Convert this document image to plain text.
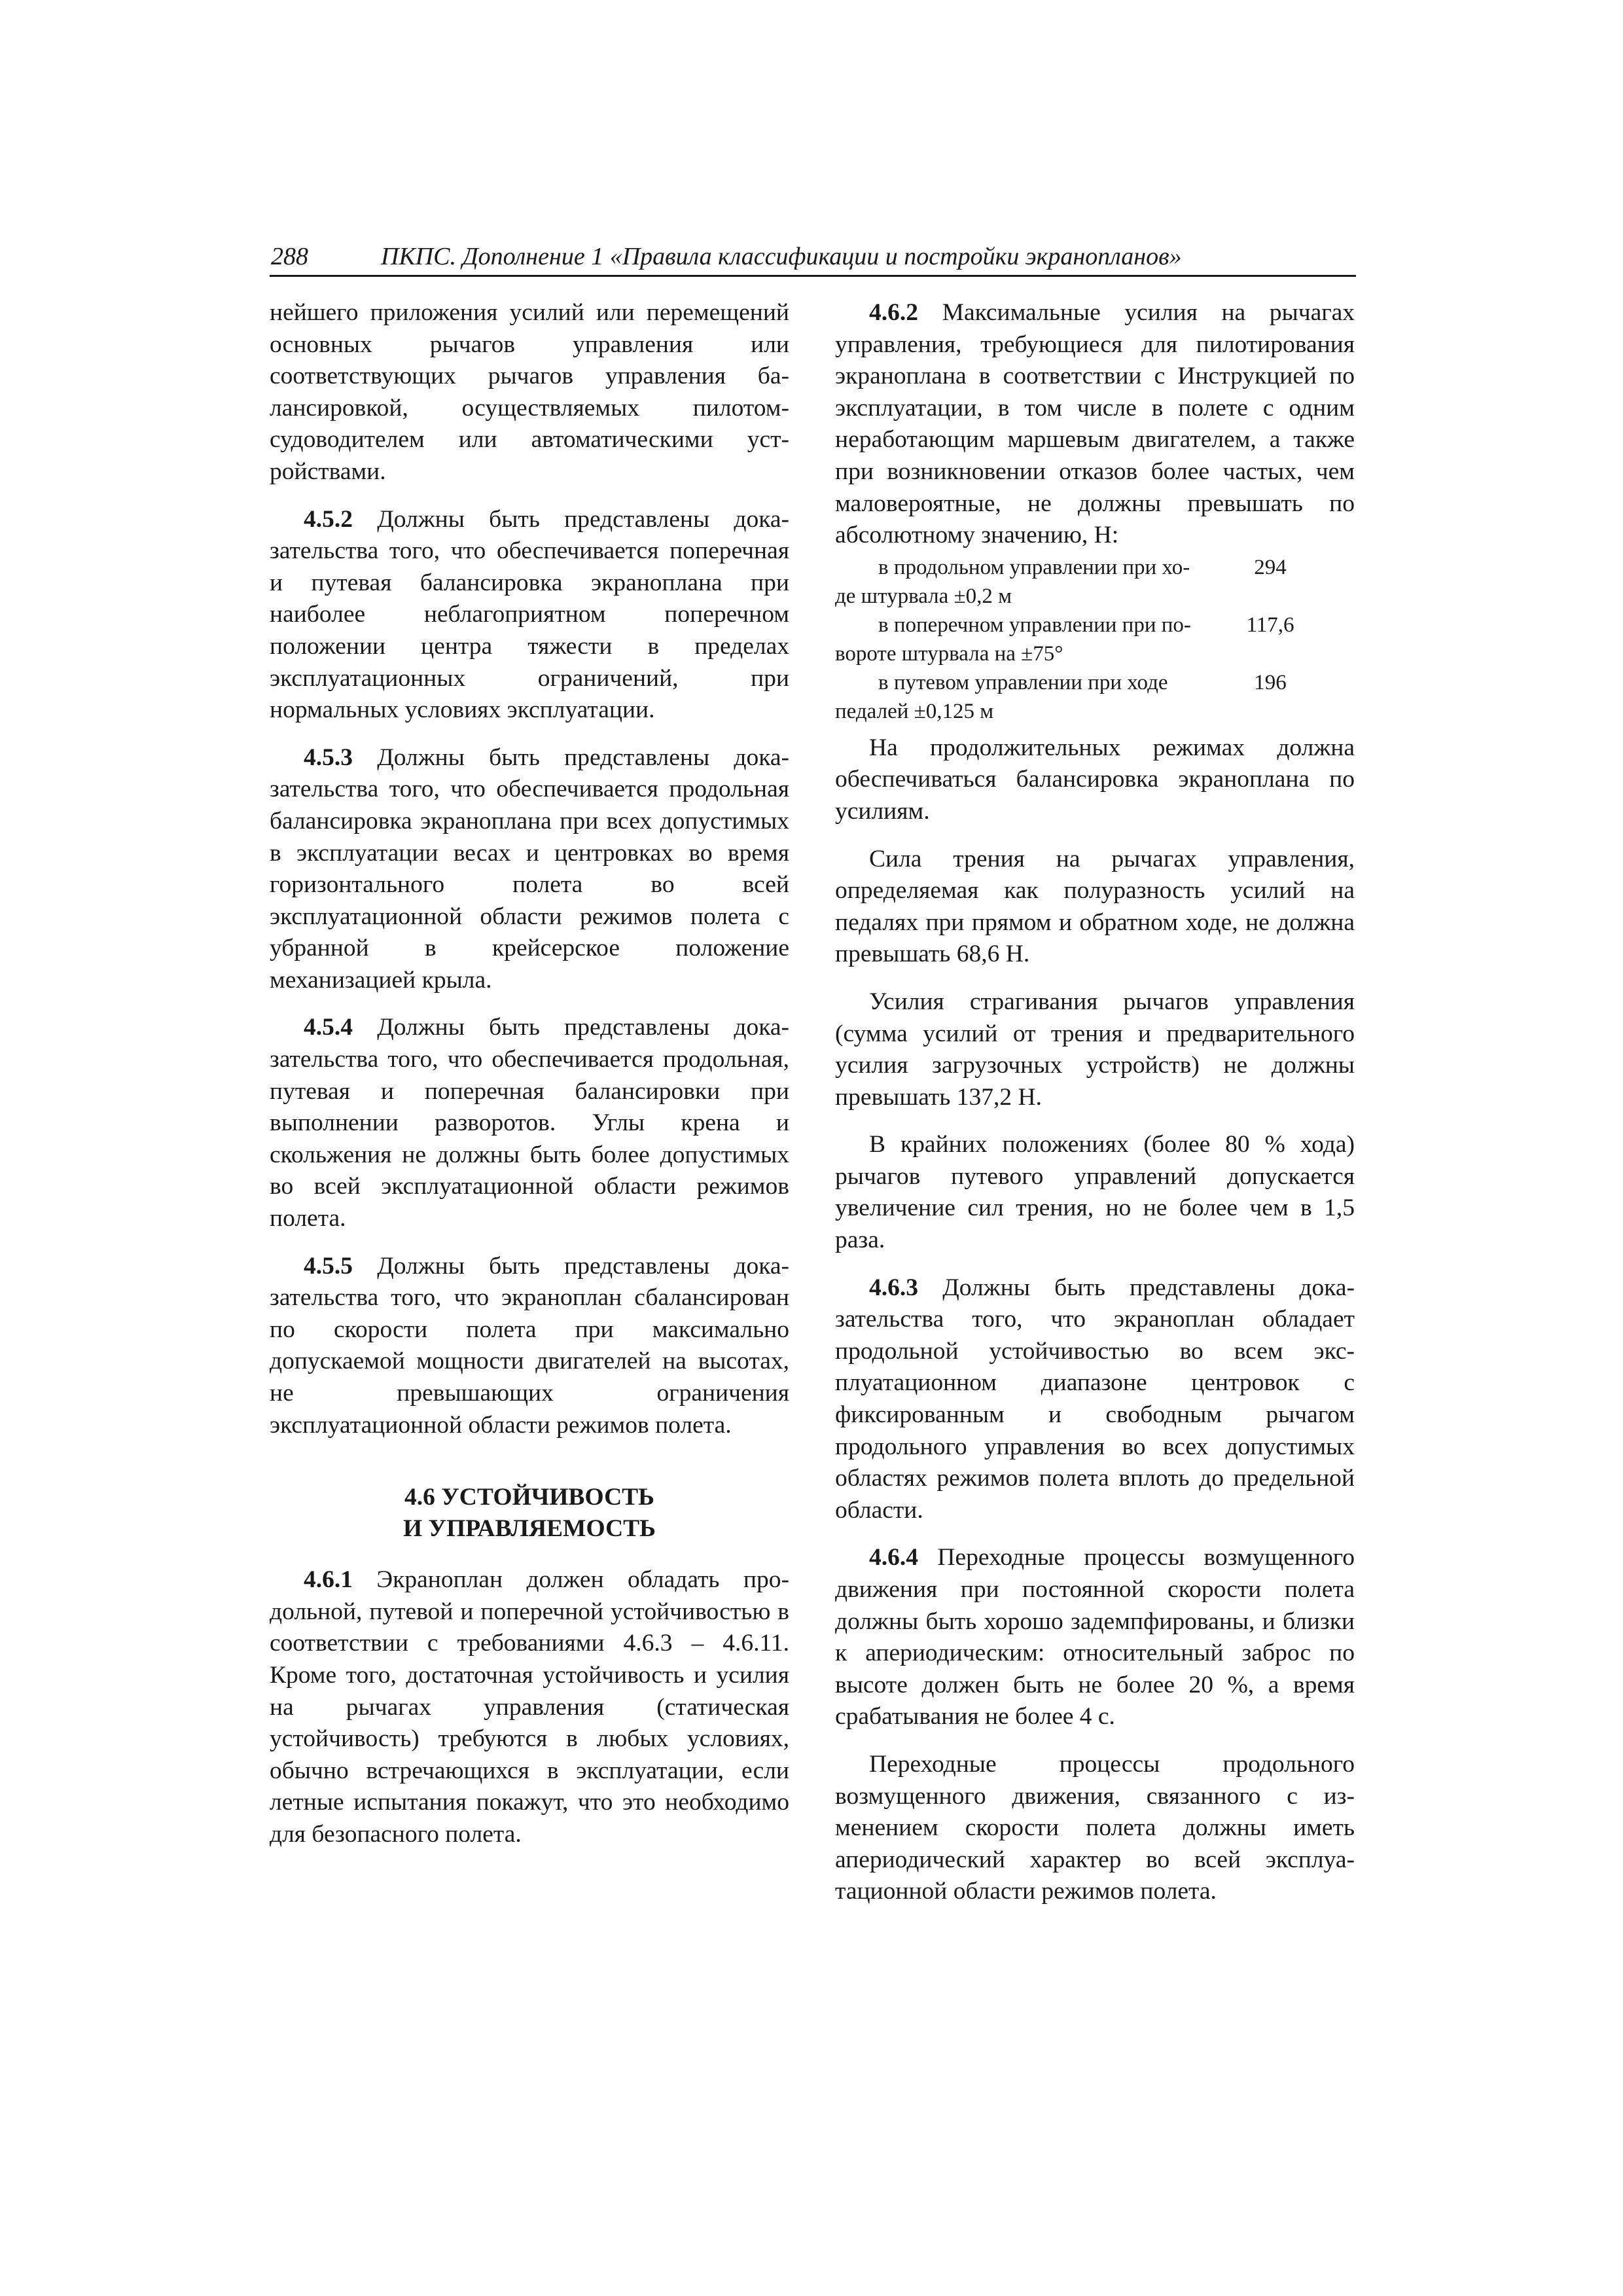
288	ПКПС. Дополнение 1 «Правила классификации и постройки экранопланов»

нейшего приложения усилий или перемещений основных рычагов управления или соответствующих рычагов управления балансировкой, осуществляемых пилотом-судоводителем или автоматическими устройствами.

4.5.2 Должны быть представлены доказательства того, что обеспечивается поперечная и путевая балансировка экраноплана при наиболее неблагоприятном поперечном положении центра тяжести в пределах эксплуатационных ограничений, при нормальных условиях эксплуатации.

4.5.3 Должны быть представлены доказательства того, что обеспечивается продольная балансировка экраноплана при всех допустимых в эксплуатации весах и центровках во время горизонтального полета во всей эксплуатационной области режимов полета с убранной в крейсерское положение механизацией крыла.

4.5.4 Должны быть представлены доказательства того, что обеспечивается продольная, путевая и поперечная балансировки при выполнении разворотов. Углы крена и скольжения не должны быть более допустимых во всей эксплуатационной области режимов полета.

4.5.5 Должны быть представлены доказательства того, что экраноплан сбалансирован по скорости полета при максимально допускаемой мощности двигателей на высотах, не превышающих ограничения эксплуатационной области режимов полета.

4.6 УСТОЙЧИВОСТЬ
И УПРАВЛЯЕМОСТЬ

4.6.1 Экраноплан должен обладать продольной, путевой и поперечной устойчивостью в соответствии с требованиями 4.6.3 – 4.6.11. Кроме того, достаточная устойчивость и усилия на рычагах управления (статическая устойчивость) требуются в любых условиях, обычно встречающихся в эксплуатации, если летные испытания покажут, что это необходимо для безопасного полета.

4.6.2 Максимальные усилия на рычагах управления, требующиеся для пилотирования экраноплана в соответствии с Инструкцией по эксплуатации, в том числе в полете с одним неработающим маршевым двигателем, а также при возникновении отказов более частых, чем маловероятные, не должны превышать по абсолютному значению, Н:

в продольном управлении при хо-
де штурвала ±0,2 м
294
в поперечном управлении при по-
вороте штурвала на ±75°
117,6
в путевом управлении при ходе
педалей ±0,125 м
196

На продолжительных режимах должна обеспечиваться балансировка экраноплана по усилиям.

Сила трения на рычагах управления, определяемая как полуразность усилий на педалях при прямом и обратном ходе, не должна превышать 68,6 Н.

Усилия страгивания рычагов управления (сумма усилий от трения и предварительного усилия загрузочных устройств) не должны превышать 137,2 Н.

В крайних положениях (более 80 % хода) рычагов путевого управлений допускается увеличение сил трения, но не более чем в 1,5 раза.

4.6.3 Должны быть представлены доказательства того, что экраноплан обладает продольной устойчивостью во всем эксплуатационном диапазоне центровок с фиксированным и свободным рычагом продольного управления во всех допустимых областях режимов полета вплоть до предельной области.

4.6.4 Переходные процессы возмущенного движения при постоянной скорости полета должны быть хорошо задемпфированы, и близки к апериодическим: относительный заброс по высоте должен быть не более 20 %, а время срабатывания не более 4 с.

Переходные процессы продольного возмущенного движения, связанного с изменением скорости полета должны иметь апериодический характер во всей эксплуатационной области режимов полета.
